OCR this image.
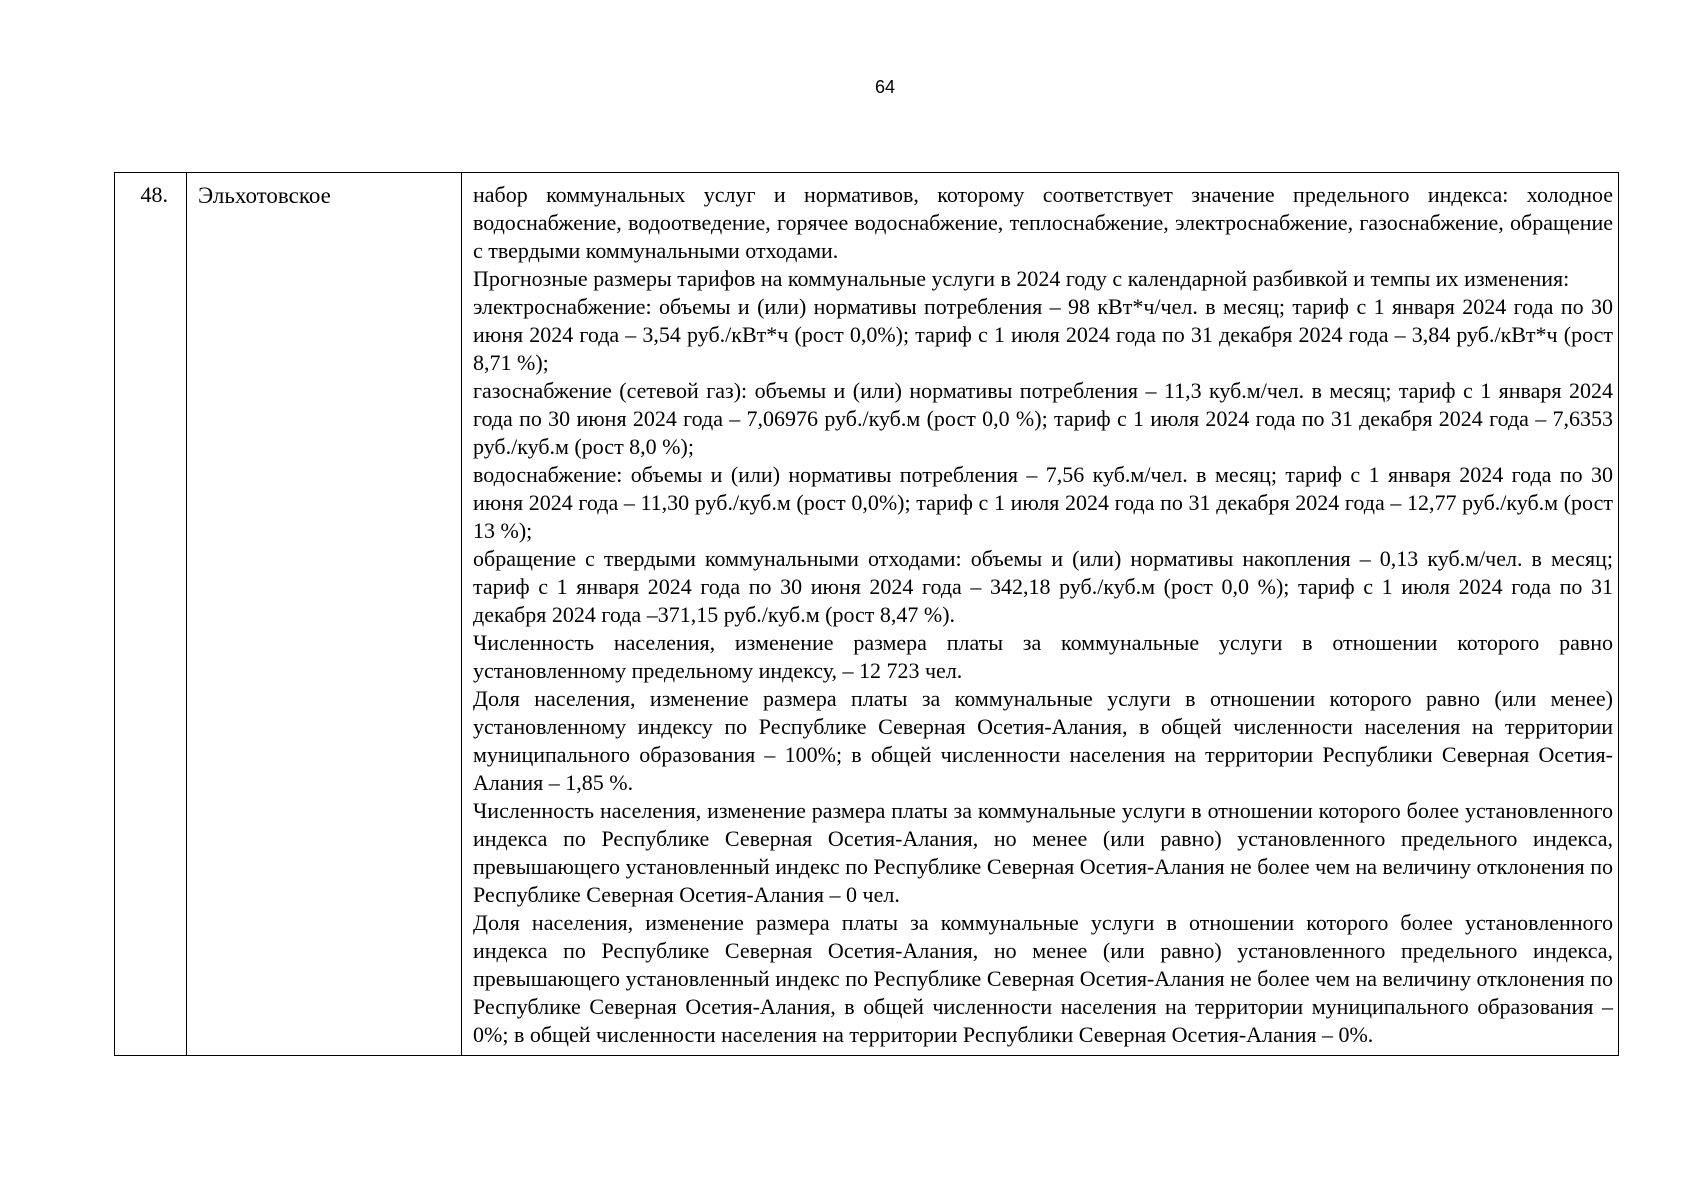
64
48.	Эльхотовское	набор коммунальных услуг и нормативов, которому соответствует значение предельного индекса: холодное водоснабжение, водоотведение, горячее водоснабжение, теплоснабжение, электроснабжение, газоснабжение, обращение с твердыми коммунальными отходами.

Прогнозные размеры тарифов на коммунальные услуги в 2024 году с календарной разбивкой и темпы их изменения:

электроснабжение: объемы и (или) нормативы потребления – 98 кВт*ч/чел. в месяц; тариф с 1 января 2024 года по 30 июня 2024 года – 3,54 руб./кВт*ч (рост 0,0%); тариф с 1 июля 2024 года по 31 декабря 2024 года – 3,84 руб./кВт*ч (рост 8,71 %);

газоснабжение (сетевой газ): объемы и (или) нормативы потребления – 11,3 куб.м/чел. в месяц; тариф с 1 января 2024 года по 30 июня 2024 года – 7,06976 руб./куб.м (рост 0,0 %); тариф с 1 июля 2024 года по 31 декабря 2024 года – 7,6353 руб./куб.м (рост 8,0 %);

водоснабжение: объемы и (или) нормативы потребления – 7,56 куб.м/чел. в месяц; тариф с 1 января 2024 года по 30 июня 2024 года – 11,30 руб./куб.м (рост 0,0%); тариф с 1 июля 2024 года по 31 декабря 2024 года – 12,77 руб./куб.м (рост 13 %);

обращение с твердыми коммунальными отходами: объемы и (или) нормативы накопления – 0,13 куб.м/чел. в месяц; тариф с 1 января 2024 года по 30 июня 2024 года – 342,18 руб./куб.м (рост 0,0 %); тариф с 1 июля 2024 года по 31 декабря 2024 года –371,15 руб./куб.м (рост 8,47 %).

Численность населения, изменение размера платы за коммунальные услуги в отношении которого равно установленному предельному индексу, – 12 723 чел.

Доля населения, изменение размера платы за коммунальные услуги в отношении которого равно (или менее) установленному индексу по Республике Северная Осетия-Алания, в общей численности населения на территории муниципального образования – 100%; в общей численности населения на территории Республики Северная Осетия-Алания – 1,85 %.

Численность населения, изменение размера платы за коммунальные услуги в отношении которого более установленного индекса по Республике Северная Осетия-Алания, но менее (или равно) установленного предельного индекса, превышающего установленный индекс по Республике Северная Осетия-Алания не более чем на величину отклонения по Республике Северная Осетия-Алания – 0 чел.

Доля населения, изменение размера платы за коммунальные услуги в отношении которого более установленного индекса по Республике Северная Осетия-Алания, но менее (или равно) установленного предельного индекса, превышающего установленный индекс по Республике Северная Осетия-Алания не более чем на величину отклонения по Республике Северная Осетия-Алания, в общей численности населения на территории муниципального образования – 0%; в общей численности населения на территории Республики Северная Осетия-Алания – 0%.
